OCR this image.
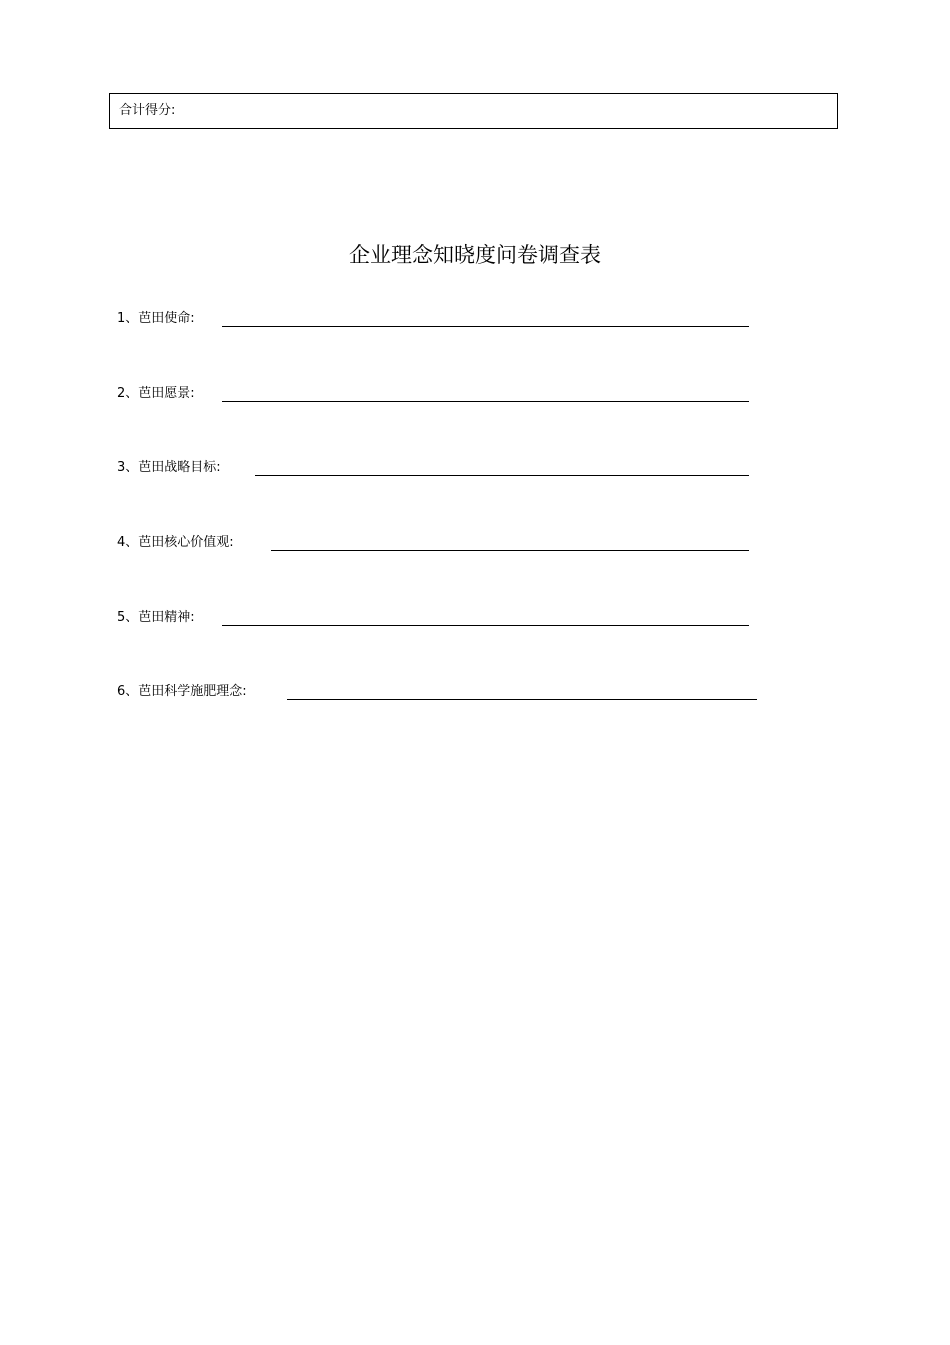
合计得分:
企业理念知晓度问卷调查表
1、芭田使命:
2、芭田愿景:
3、芭田战略目标:
4、芭田核心价值观:
5、芭田精神:
6、芭田科学施肥理念:
